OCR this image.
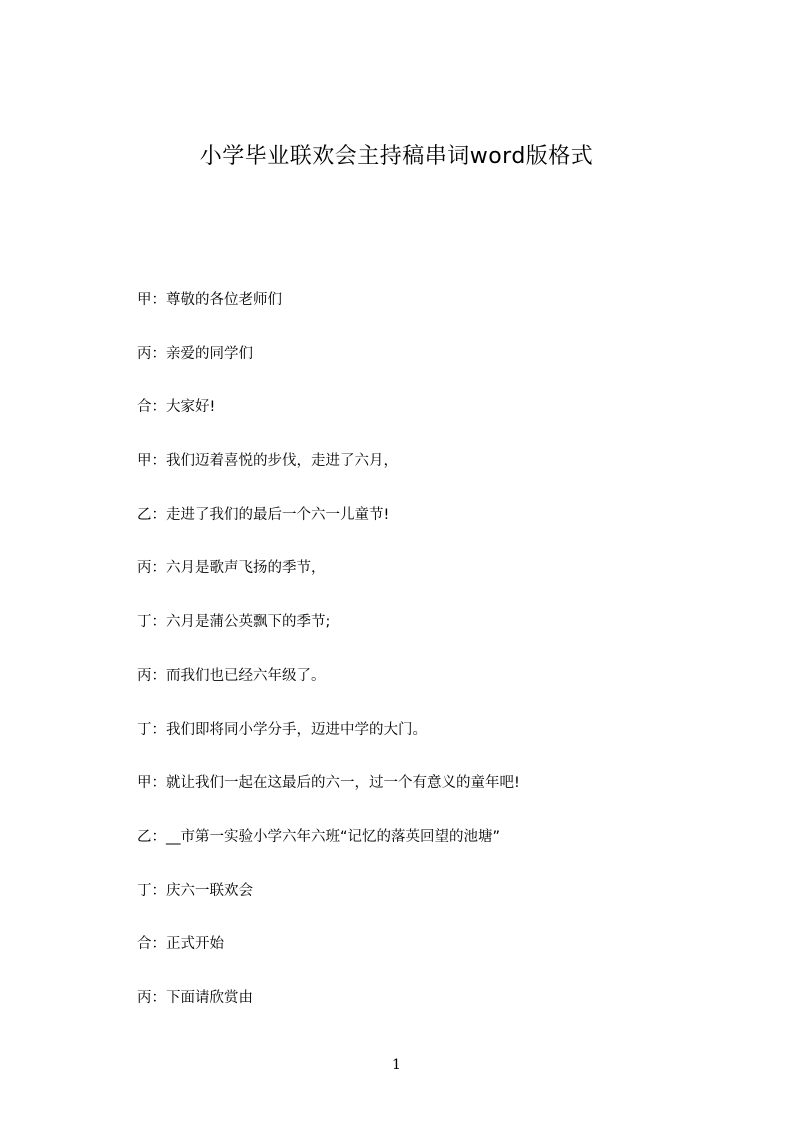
小学毕业联欢会主持稿串词word版格式
甲：尊敬的各位老师们
丙：亲爱的同学们
合：大家好!
甲：我们迈着喜悦的步伐，走进了六月，
乙：走进了我们的最后一个六一儿童节!
丙：六月是歌声飞扬的季节，
丁：六月是蒲公英飘下的季节;
丙：而我们也已经六年级了。
丁：我们即将同小学分手，迈进中学的大门。
甲：就让我们一起在这最后的六一，过一个有意义的童年吧!
乙：__市第一实验小学六年六班“记忆的落英回望的池塘”
丁：庆六一联欢会
合：正式开始
丙：下面请欣赏由
1
